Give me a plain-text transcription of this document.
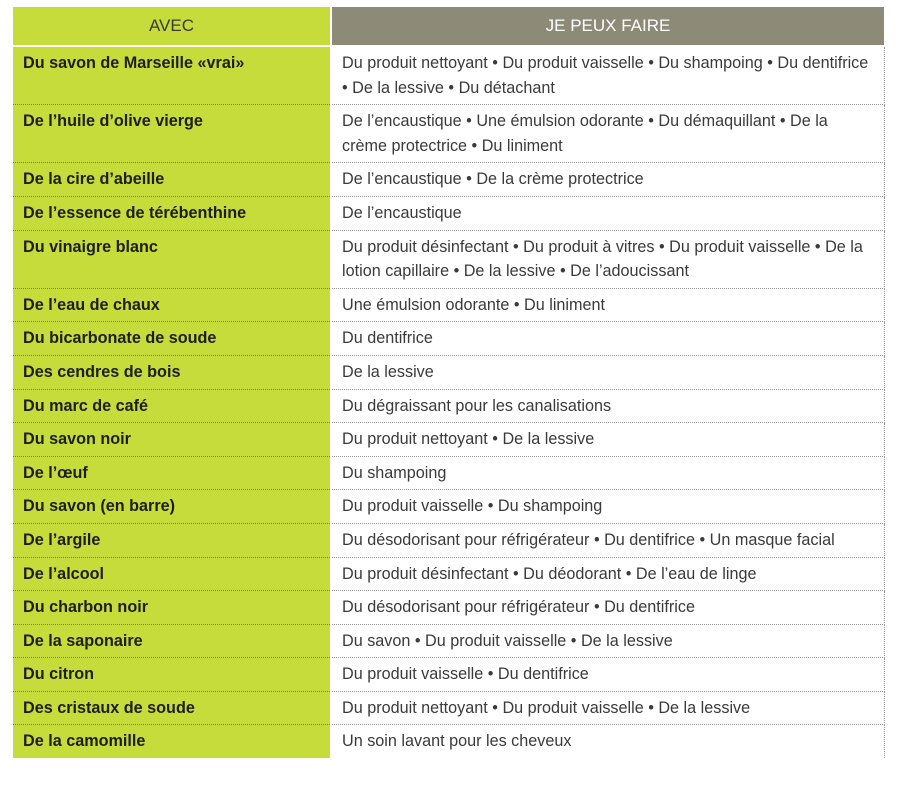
AVEC	JE PEUX FAIRE
Du savon de Marseille «vrai»	Du produit nettoyant • Du produit vaisselle • Du shampoing • Du dentifrice • De la lessive • Du détachant
De l’huile d’olive vierge	De l’encaustique • Une émulsion odorante • Du démaquillant • De la crème protectrice • Du liniment
De la cire d’abeille	De l’encaustique • De la crème protectrice
De l’essence de térébenthine	De l’encaustique
Du vinaigre blanc	Du produit désinfectant • Du produit à vitres • Du produit vaisselle • De la lotion capillaire • De la lessive • De l’adoucissant
De l’eau de chaux	Une émulsion odorante • Du liniment
Du bicarbonate de soude	Du dentifrice
Des cendres de bois	De la lessive
Du marc de café	Du dégraissant pour les canalisations
Du savon noir	Du produit nettoyant • De la lessive
De l’œuf	Du shampoing
Du savon (en barre)	Du produit vaisselle • Du shampoing
De l’argile	Du désodorisant pour réfrigérateur • Du dentifrice • Un masque facial
De l’alcool	Du produit désinfectant • Du déodorant • De l’eau de linge
Du charbon noir	Du désodorisant pour réfrigérateur • Du dentifrice
De la saponaire	Du savon • Du produit vaisselle • De la lessive
Du citron	Du produit vaisselle • Du dentifrice
Des cristaux de soude	Du produit nettoyant • Du produit vaisselle • De la lessive
De la camomille	Un soin lavant pour les cheveux
